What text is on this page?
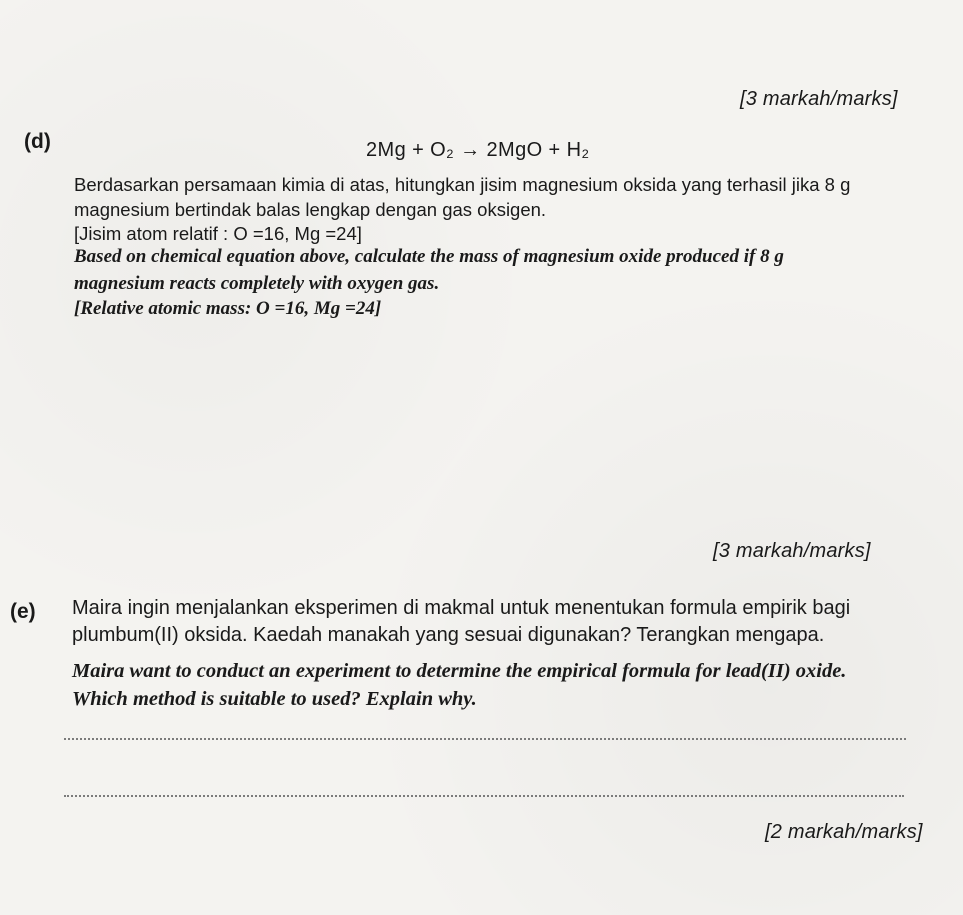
[3 markah/marks]
(d)	2Mg + O₂ → 2MgO + H₂
Berdasarkan persamaan kimia di atas, hitungkan jisim magnesium oksida yang terhasil jika 8 g
magnesium bertindak balas lengkap dengan gas oksigen.
[Jisim atom relatif : O =16, Mg =24]
Based on chemical equation above, calculate the mass of magnesium oxide produced if 8 g
magnesium reacts completely with oxygen gas.
[Relative atomic mass: O =16, Mg =24]
[3 markah/marks]
(e) Maira ingin menjalankan eksperimen di makmal untuk menentukan formula empirik bagi
plumbum(II) oksida. Kaedah manakah yang sesuai digunakan? Terangkan mengapa.
Maira want to conduct an experiment to determine the empirical formula for lead(II) oxide.
Which method is suitable to used? Explain why.
[2 markah/marks]
